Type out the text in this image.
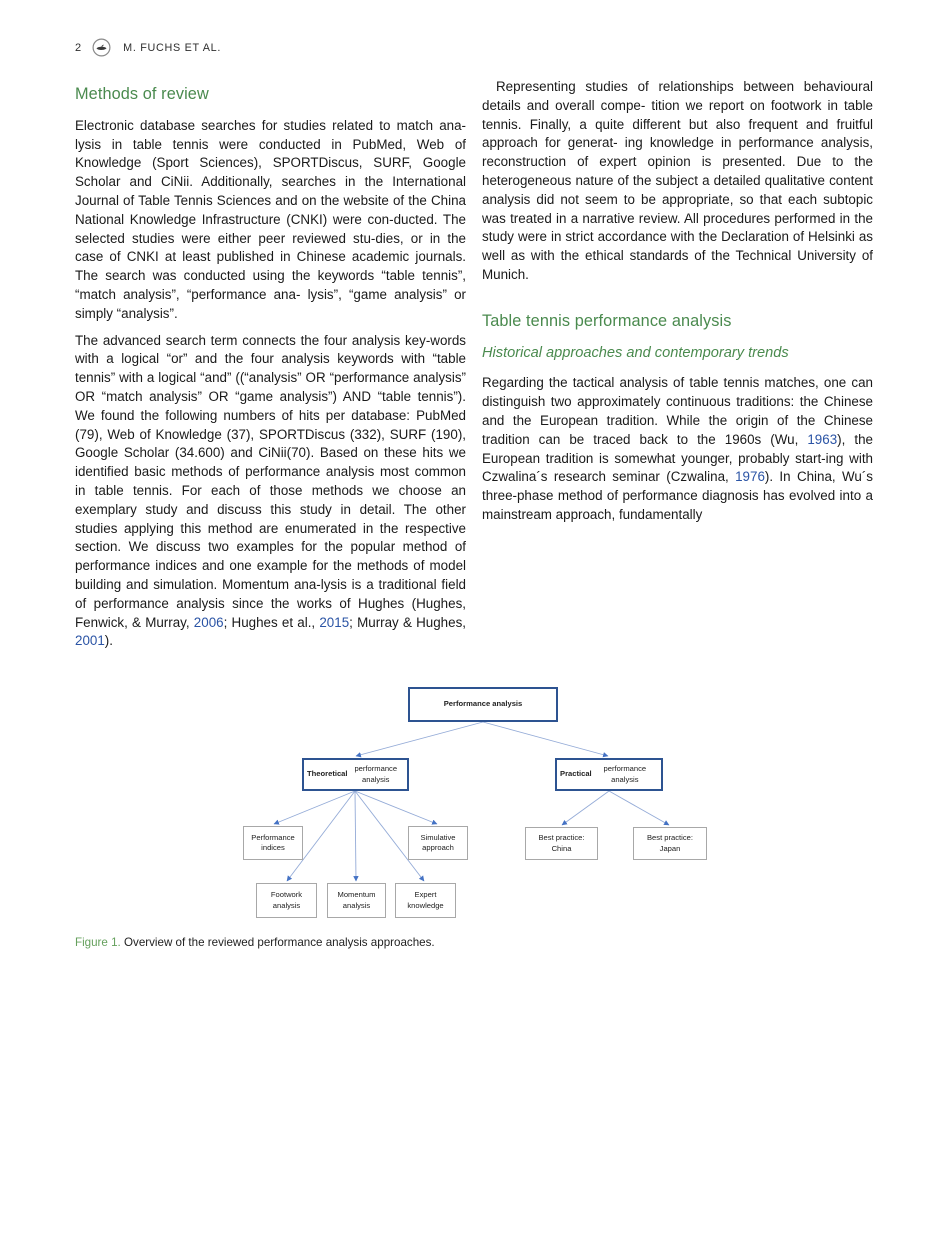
2	M. FUCHS ET AL.
Methods of review

Electronic database searches for studies related to match ana-lysis in table tennis were conducted in PubMed, Web of Knowledge (Sport Sciences), SPORTDiscus, SURF, Google Scholar and CiNii. Additionally, searches in the International Journal of Table Tennis Sciences and on the website of the China National Knowledge Infrastructure (CNKI) were con-ducted. The selected studies were either peer reviewed stu-dies, or in the case of CNKI at least published in Chinese academic journals. The search was conducted using the keywords “table tennis”, “match analysis”, “performance ana- lysis”, “game analysis” or simply “analysis”.

The advanced search term connects the four analysis key-words with a logical “or” and the four analysis keywords with “table tennis” with a logical “and” ((“analysis” OR “performance analysis” OR “match analysis” OR “game analysis”) AND “table tennis”). We found the following numbers of hits per database: PubMed (79), Web of Knowledge (37), SPORTDiscus (332), SURF (190), Google Scholar (34.600) and CiNii(70). Based on these hits we identified basic methods of performance analysis most common in table tennis. For each of those methods we choose an exemplary study and discuss this study in detail. The other studies applying this method are enumerated in the respective section. We discuss two examples for the popular method of performance indices and one example for the methods of model building and simulation. Momentum ana-lysis is a traditional field of performance analysis since the works of Hughes (Hughes, Fenwick, & Murray, 2006; Hughes et al., 2015; Murray & Hughes, 2001).

Representing studies of relationships between behavioural details and overall compe- tition we report on footwork in table tennis. Finally, a quite different but also frequent and fruitful approach for generat- ing knowledge in performance analysis, reconstruction of expert opinion is presented. Due to the heterogeneous nature of the subject a detailed qualitative content analysis did not seem to be appropriate, so that each subtopic was treated in a narrative review. All procedures performed in the study were in strict accordance with the Declaration of Helsinki as well as with the ethical standards of the Technical University of Munich.

Table tennis performance analysis
Historical approaches and contemporary trends

Regarding the tactical analysis of table tennis matches, one can distinguish two approximately continuous traditions: the Chinese and the European tradition. While the origin of the Chinese tradition can be traced back to the 1960s (Wu, 1963), the European tradition is somewhat younger, probably start-ing with Czwalina´s research seminar (Czwalina, 1976). In China, Wu´s three-phase method of performance diagnosis has evolved into a mainstream approach, fundamentally

Performance analysis
Theoretical
performance analysis
Practical
performance analysis
Performance indices
Simulative approach
Best practice: China
Best practice: Japan
Footwork analysis
Momentum analysis
Expert knowledge
Figure 1. Overview of the reviewed performance analysis approaches.
